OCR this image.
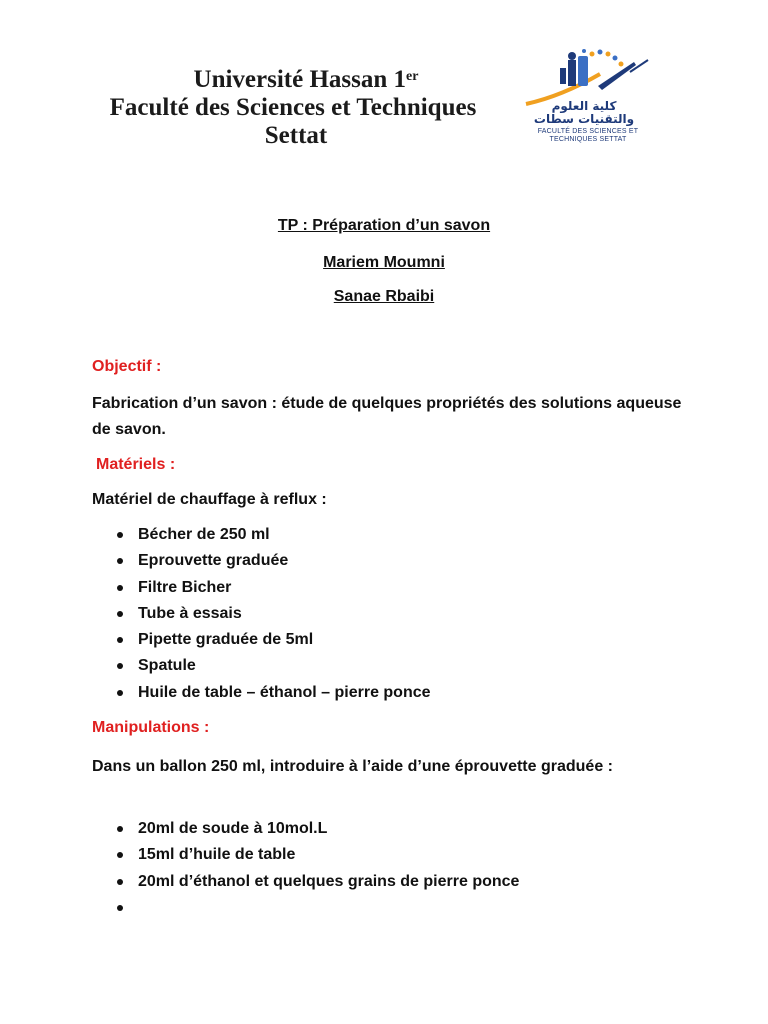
Université Hassan 1er
Faculté des Sciences et Techniques
Settat
كلية العلوم والتقنيات سطات
FACULTÉ DES SCIENCES ET TECHNIQUES SETTAT
TP : Préparation d’un savon
Mariem Moumni
Sanae Rbaibi
Objectif :
Fabrication d’un savon : étude de quelques propriétés des solutions aqueuse de savon.
Matériels :
Matériel de chauffage à reflux :
Bécher de 250 ml
Eprouvette graduée
Filtre Bicher
Tube à essais
Pipette graduée de 5ml
Spatule
Huile de table – éthanol – pierre ponce
Manipulations :
Dans un ballon 250 ml, introduire à l’aide d’une éprouvette graduée :
20ml de soude à 10mol.L
15ml d’huile de table
20ml d’éthanol et quelques grains de pierre ponce
